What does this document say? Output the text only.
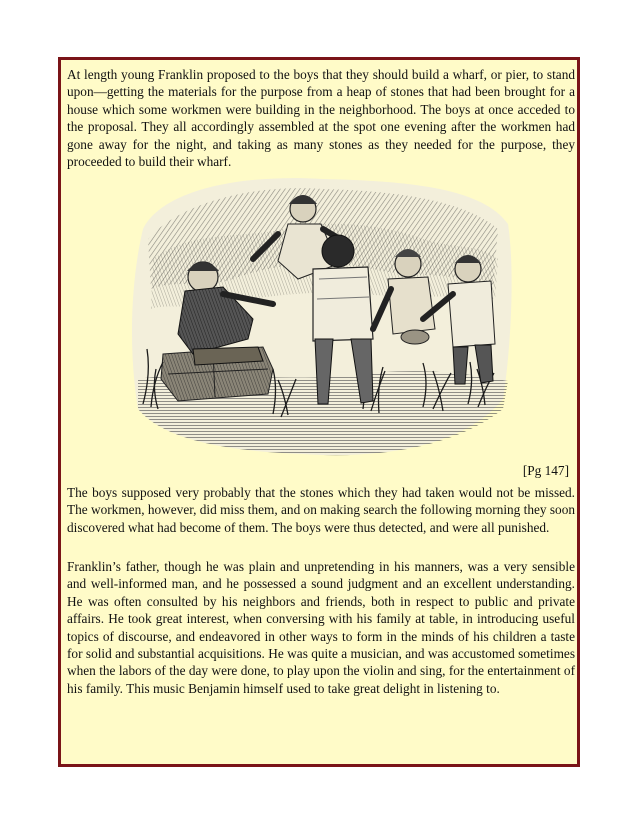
At length young Franklin proposed to the boys that they should build a wharf, or pier, to stand upon—getting the materials for the purpose from a heap of stones that had been brought for a house which some workmen were building in the neighborhood. The boys at once acceded to the proposal. They all accordingly assembled at the spot one evening after the workmen had gone away for the night, and taking as many stones as they needed for the purpose, they proceeded to build their wharf.

[Pg 147]

The boys supposed very probably that the stones which they had taken would not be missed. The workmen, however, did miss them, and on making search the following morning they soon discovered what had become of them. The boys were thus detected, and were all punished.

Franklin’s father, though he was plain and unpretending in his manners, was a very sensible and well-informed man, and he possessed a sound judgment and an excellent understanding. He was often consulted by his neighbors and friends, both in respect to public and private affairs. He took great interest, when conversing with his family at table, in introducing useful topics of discourse, and endeavored in other ways to form in the minds of his children a taste for solid and substantial acquisitions. He was quite a musician, and was accustomed sometimes when the labors of the day were done, to play upon the violin and sing, for the entertainment of his family. This music Benjamin himself used to take great delight in listening to.
